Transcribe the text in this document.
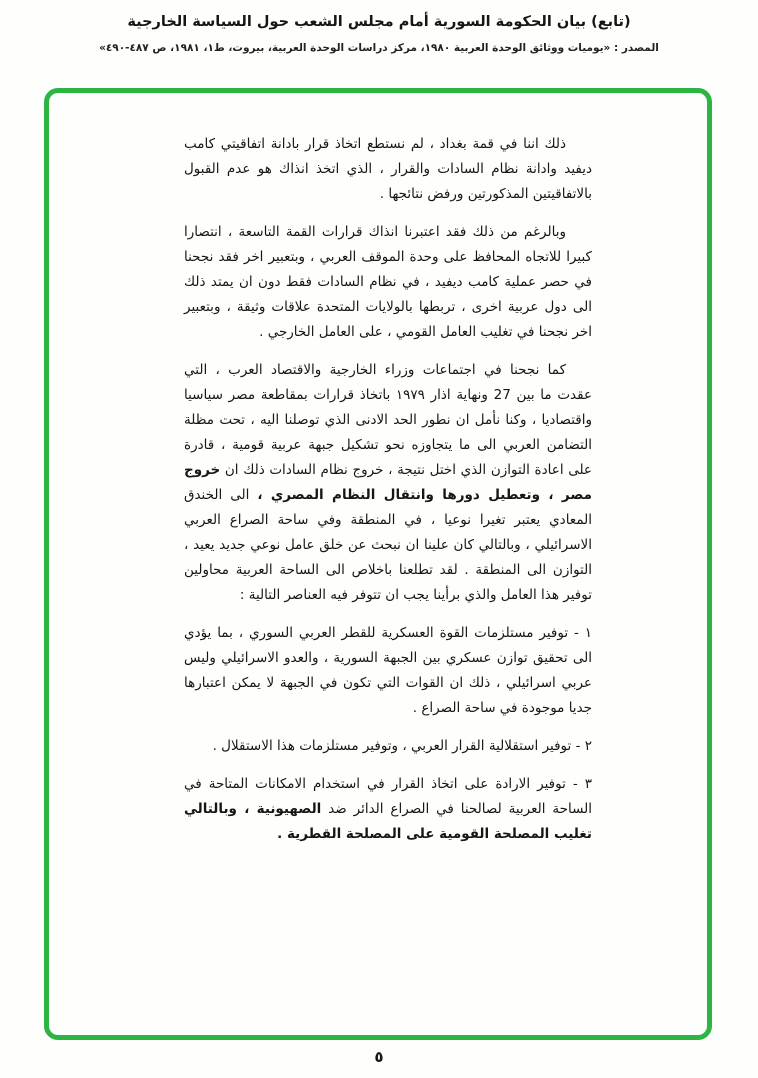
(تابع) بيان الحكومة السورية أمام مجلس الشعب حول السياسة الخارجية
المصدر : «يوميات ووثائق الوحدة العربية ١٩٨٠، مركز دراسات الوحدة العربية، بيروت، ط١، ١٩٨١، ص ٤٨٧-٤٩٠»

ذلك اننا في قمة بغداد ، لم نستطع اتخاذ قرار بادانة اتفاقيتي كامب ديفيد وادانة نظام السادات والقرار ، الذي اتخذ انذاك هو عدم القبول بالاتفاقيتين المذكورتين ورفض نتائجها .

وبالرغم من ذلك فقد اعتبرنا انذاك قرارات القمة التاسعة ، انتصارا كبيرا للاتجاه المحافظ على وحدة الموقف العربي ، وبتعبير اخر فقد نجحنا في حصر عملية كامب ديفيد ، في نظام السادات فقط دون ان يمتد ذلك الى دول عربية اخرى ، تربطها بالولايات المتحدة علاقات وثيقة ، وبتعبير اخر نجحنا في تغليب العامل القومي ، على العامل الخارجي .

كما نجحنا في اجتماعات وزراء الخارجية والاقتصاد العرب ، التي عقدت ما بين 27 ونهاية اذار ١٩٧٩ باتخاذ قرارات بمقاطعة مصر سياسيا واقتصاديا ، وكنا نأمل ان نطور الحد الادنى الذي توصلنا اليه ، تحت مظلة التضامن العربي الى ما يتجاوزه نحو تشكيل جبهة عربية قومية ، قادرة على اعادة التوازن الذي اختل نتيجة ، خروج نظام السادات ذلك ان خروج مصر ، وتعطيل دورها وانتقال النظام المصري ، الى الخندق المعادي يعتبر تغيرا نوعيا ، في المنطقة وفي ساحة الصراع العربي الاسرائيلي ، وبالتالي كان علينا ان نبحث عن خلق عامل نوعي جديد يعيد ، التوازن الى المنطقة . لقد تطلعنا باخلاص الى الساحة العربية محاولين توفير هذا العامل والذي برأينا يجب ان تتوفر فيه العناصر التالية :

١ - توفير مستلزمات القوة العسكرية للقطر العربي السوري ، بما يؤدي الى تحقيق توازن عسكري بين الجبهة السورية ، والعدو الاسرائيلي وليس عربي اسرائيلي ، ذلك ان القوات التي تكون في الجبهة لا يمكن اعتبارها جديا موجودة في ساحة الصراع .

٢ - توفير استقلالية القرار العربي ، وتوفير مستلزمات هذا الاستقلال .

٣ - توفير الارادة على اتخاذ القرار في استخدام الامكانات المتاحة في الساحة العربية لصالحنا في الصراع الدائر ضد الصهيونية ، وبالتالي تغليب المصلحة القومية على المصلحة القطرية .

٥
